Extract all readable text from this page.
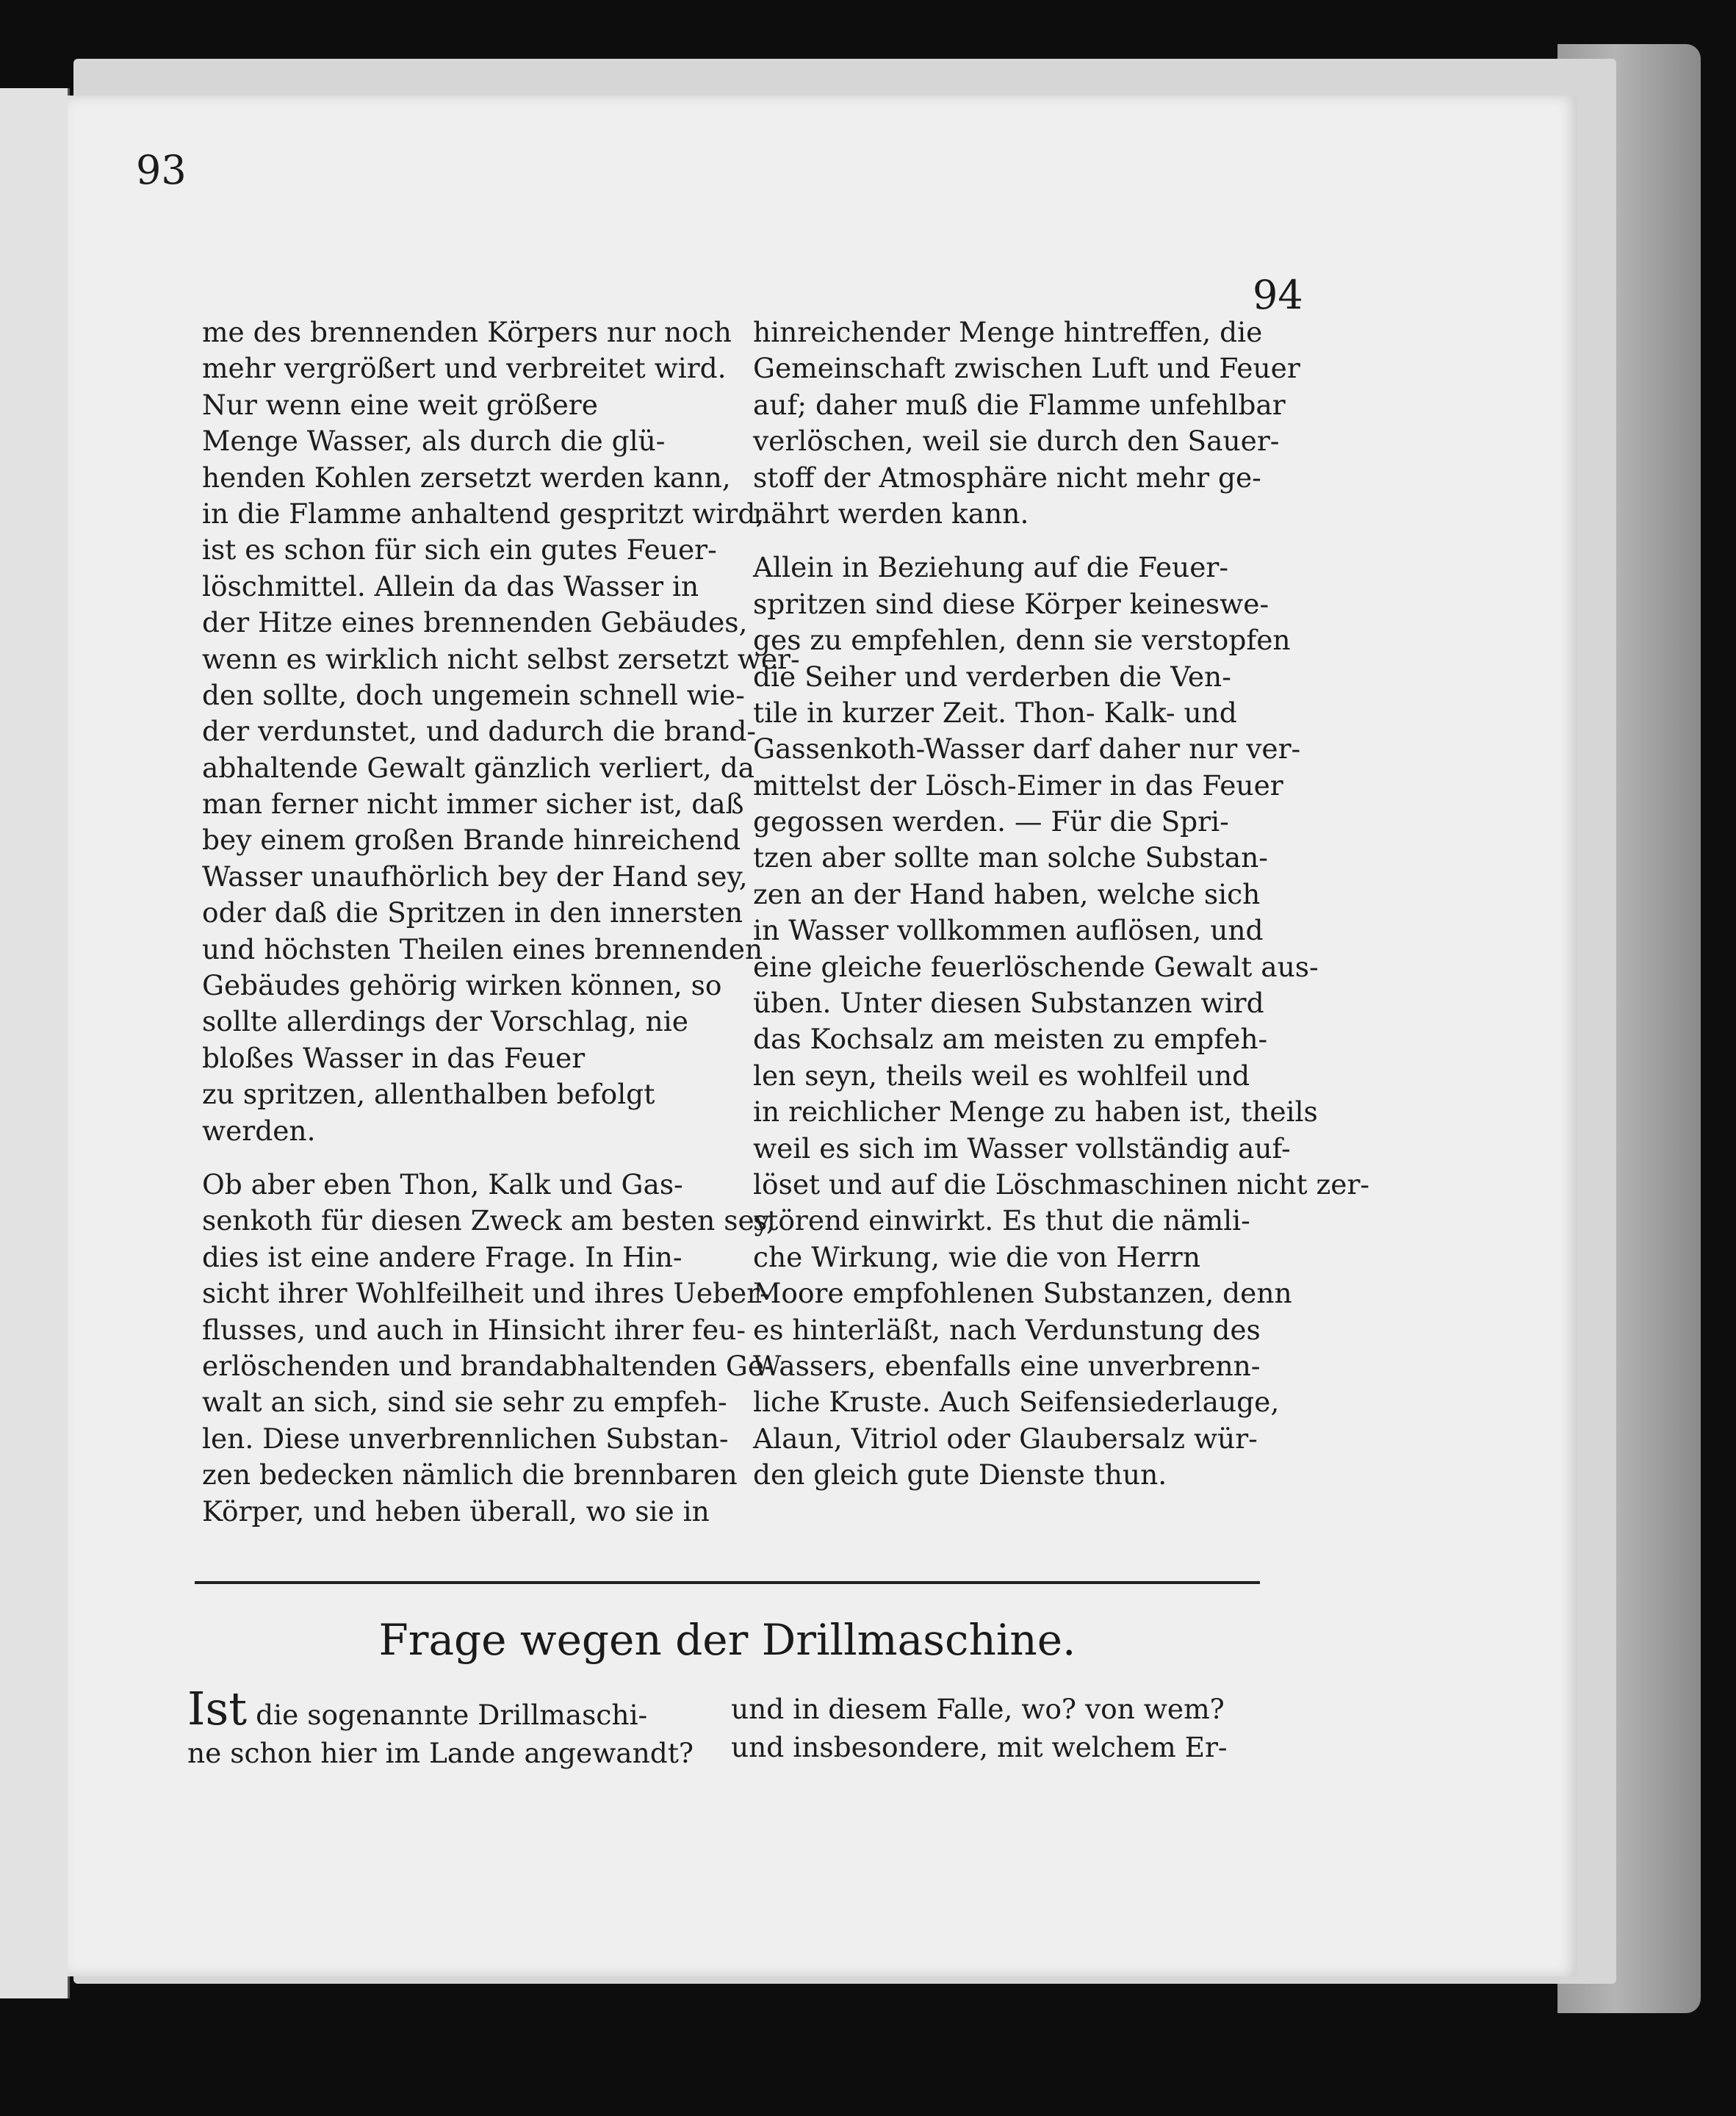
93
94
me des brennenden Körpers nur noch
mehr vergrößert und verbreitet wird.
Nur wenn eine weit größere
Menge Wasser, als durch die glü-
henden Kohlen zersetzt werden kann,
in die Flamme anhaltend gespritzt wird,
ist es schon für sich ein gutes Feuer-
löschmittel. Allein da das Wasser in
der Hitze eines brennenden Gebäudes,
wenn es wirklich nicht selbst zersetzt wer-
den sollte, doch ungemein schnell wie-
der verdunstet, und dadurch die brand-
abhaltende Gewalt gänzlich verliert, da
man ferner nicht immer sicher ist, daß
bey einem großen Brande hinreichend
Wasser unaufhörlich bey der Hand sey,
oder daß die Spritzen in den innersten
und höchsten Theilen eines brennenden
Gebäudes gehörig wirken können, so
sollte allerdings der Vorschlag, nie
bloßes Wasser in das Feuer
zu spritzen, allenthalben befolgt
werden.
Ob aber eben Thon, Kalk und Gas-
senkoth für diesen Zweck am besten sey,
dies ist eine andere Frage. In Hin-
sicht ihrer Wohlfeilheit und ihres Ueber-
flusses, und auch in Hinsicht ihrer feu-
erlöschenden und brandabhaltenden Ge-
walt an sich, sind sie sehr zu empfeh-
len. Diese unverbrennlichen Substan-
zen bedecken nämlich die brennbaren
Körper, und heben überall, wo sie in
hinreichender Menge hintreffen, die
Gemeinschaft zwischen Luft und Feuer
auf; daher muß die Flamme unfehlbar
verlöschen, weil sie durch den Sauer-
stoff der Atmosphäre nicht mehr ge-
nährt werden kann.
Allein in Beziehung auf die Feuer-
spritzen sind diese Körper keineswe-
ges zu empfehlen, denn sie verstopfen
die Seiher und verderben die Ven-
tile in kurzer Zeit. Thon- Kalk- und
Gassenkoth-Wasser darf daher nur ver-
mittelst der Lösch-Eimer in das Feuer
gegossen werden. — Für die Spri-
tzen aber sollte man solche Substan-
zen an der Hand haben, welche sich
in Wasser vollkommen auflösen, und
eine gleiche feuerlöschende Gewalt aus-
üben. Unter diesen Substanzen wird
das Kochsalz am meisten zu empfeh-
len seyn, theils weil es wohlfeil und
in reichlicher Menge zu haben ist, theils
weil es sich im Wasser vollständig auf-
löset und auf die Löschmaschinen nicht zer-
störend einwirkt. Es thut die nämli-
che Wirkung, wie die von Herrn
Moore empfohlenen Substanzen, denn
es hinterläßt, nach Verdunstung des
Wassers, ebenfalls eine unverbrenn-
liche Kruste. Auch Seifensiederlauge,
Alaun, Vitriol oder Glaubersalz wür-
den gleich gute Dienste thun.
Frage wegen der Drillmaschine.
Ist die sogenannte Drillmaschi-
ne schon hier im Lande angewandt?
und in diesem Falle, wo? von wem?
und insbesondere, mit welchem Er-
